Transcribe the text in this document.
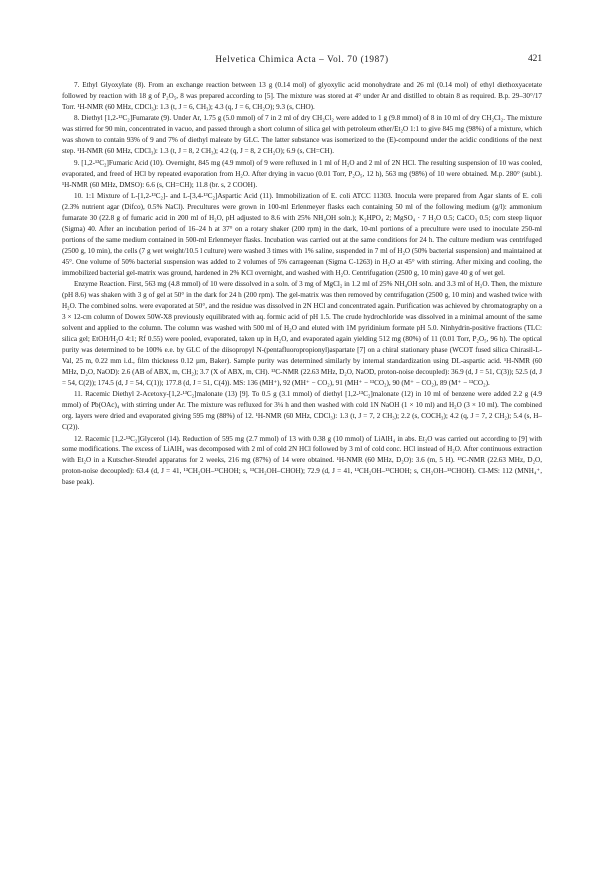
Helvetica Chimica Acta – Vol. 70 (1987)	421

7. Ethyl Glyoxylate (8). From an exchange reaction between 13 g (0.14 mol) of glyoxylic acid monohydrate and 26 ml (0.14 mol) of ethyl diethoxyacetate followed by reaction with 18 g of P₂O₅, 8 was prepared according to [5]. The mixture was stored at 4° under Ar and distilled to obtain 8 as required. B.p. 29–30°/17 Torr. ¹H-NMR (60 MHz, CDCl₃): 1.3 (t, J = 6, CH₃); 4.3 (q, J = 6, CH₂O); 9.3 (s, CHO).

8. Diethyl [1,2-¹³C₂]Fumarate (9). Under Ar, 1.75 g (5.0 mmol) of 7 in 2 ml of dry CH₂Cl₂ were added to 1 g (9.8 mmol) of 8 in 10 ml of dry CH₂Cl₂. The mixture was stirred for 90 min, concentrated in vacuo, and passed through a short column of silica gel with petroleum ether/Et₂O 1:1 to give 845 mg (98%) of a mixture, which was shown to contain 93% of 9 and 7% of diethyl maleate by GLC. The latter substance was isomerized to the (E)-compound under the acidic conditions of the next step. ¹H-NMR (60 MHz, CDCl₃): 1.3 (t, J = 8, 2 CH₃); 4.2 (q, J = 8, 2 CH₂O); 6.9 (s, CH=CH).

9. [1,2-¹³C₂]Fumaric Acid (10). Overnight, 845 mg (4.9 mmol) of 9 were refluxed in 1 ml of H₂O and 2 ml of 2N HCl. The resulting suspension of 10 was cooled, evaporated, and freed of HCl by repeated evaporation from H₂O. After drying in vacuo (0.01 Torr, P₂O₅, 12 h), 563 mg (98%) of 10 were obtained. M.p. 280° (subl.). ¹H-NMR (60 MHz, DMSO): 6.6 (s, CH=CH); 11.8 (br. s, 2 COOH).

10. 1:1 Mixture of L-[1,2-¹³C₂]- and L-[3,4-¹³C₂]Aspartic Acid (11). Immobilization of E. coli ATCC 11303. Inocula were prepared from Agar slants of E. coli (2.3% nutrient agar (Difco), 0.5% NaCl). Precultures were grown in 100-ml Erlenmeyer flasks each containing 50 ml of the following medium (g/l): ammonium fumarate 30 (22.8 g of fumaric acid in 200 ml of H₂O, pH adjusted to 8.6 with 25% NH₄OH soln.); K₂HPO₄ 2; MgSO₄ · 7 H₂O 0.5; CaCO₃ 0.5; corn steep liquor (Sigma) 40. After an incubation period of 16–24 h at 37° on a rotary shaker (200 rpm) in the dark, 10-ml portions of a preculture were used to inoculate 250-ml portions of the same medium contained in 500-ml Erlenmeyer flasks. Incubation was carried out at the same conditions for 24 h. The culture medium was centrifuged (2500 g, 10 min), the cells (7 g wet weight/10.5 l culture) were washed 3 times with 1% saline, suspended in 7 ml of H₂O (50% bacterial suspension) and maintained at 45°. One volume of 50% bacterial suspension was added to 2 volumes of 5% carrageenan (Sigma C-1263) in H₂O at 45° with stirring. After mixing and cooling, the immobilized bacterial gel-matrix was ground, hardened in 2% KCl overnight, and washed with H₂O. Centrifugation (2500 g, 10 min) gave 40 g of wet gel.

Enzyme Reaction. First, 563 mg (4.8 mmol) of 10 were dissolved in a soln. of 3 mg of MgCl₂ in 1.2 ml of 25% NH₄OH soln. and 3.3 ml of H₂O. Then, the mixture (pH 8.6) was shaken with 3 g of gel at 50° in the dark for 24 h (200 rpm). The gel-matrix was then removed by centrifugation (2500 g, 10 min) and washed twice with H₂O. The combined solns. were evaporated at 50°, and the residue was dissolved in 2N HCl and concentrated again. Purification was achieved by chromatography on a 3 × 12-cm column of Dowex 50W-X8 previously equilibrated with aq. formic acid of pH 1.5. The crude hydrochloride was dissolved in a minimal amount of the same solvent and applied to the column. The column was washed with 500 ml of H₂O and eluted with 1M pyridinium formate pH 5.0. Ninhydrin-positive fractions (TLC: silica gel; EtOH/H₂O 4:1; Rf 0.55) were pooled, evaporated, taken up in H₂O, and evaporated again yielding 512 mg (80%) of 11 (0.01 Torr, P₂O₅, 96 h). The optical purity was determined to be 100% e.e. by GLC of the diisopropyl N-(pentafluoropropionyl)aspartate [7] on a chiral stationary phase (WCOT fused silica Chirasil-L-Val, 25 m, 0.22 mm i.d., film thickness 0.12 µm, Baker). Sample purity was determined similarly by internal standardization using DL-aspartic acid. ¹H-NMR (60 MHz, D₂O, NaOD): 2.6 (AB of ABX, m, CH₂); 3.7 (X of ABX, m, CH). ¹³C-NMR (22.63 MHz, D₂O, NaOD, proton-noise decoupled): 36.9 (d, J = 51, C(3)); 52.5 (d, J = 54, C(2)); 174.5 (d, J = 54, C(1)); 177.8 (d, J = 51, C(4)). MS: 136 (MH⁺), 92 (MH⁺ − CO₂), 91 (MH⁺ − ¹³CO₂), 90 (M⁺ − CO₂), 89 (M⁺ − ¹³CO₂).

11. Racemic Diethyl 2-Acetoxy-[1,2-¹³C₂]malonate (13) [9]. To 0.5 g (3.1 mmol) of diethyl [1,2-¹³C₂]malonate (12) in 10 ml of benzene were added 2.2 g (4.9 mmol) of Pb(OAc)₄ with stirring under Ar. The mixture was refluxed for 3¼ h and then washed with cold 1N NaOH (1 × 10 ml) and H₂O (3 × 10 ml). The combined org. layers were dried and evaporated giving 595 mg (88%) of 12. ¹H-NMR (60 MHz, CDCl₃): 1.3 (t, J = 7, 2 CH₃); 2.2 (s, COCH₃); 4.2 (q, J = 7, 2 CH₂); 5.4 (s, H–C(2)).

12. Racemic [1,2-¹³C₂]Glycerol (14). Reduction of 595 mg (2.7 mmol) of 13 with 0.38 g (10 mmol) of LiAlH₄ in abs. Et₂O was carried out according to [9] with some modifications. The excess of LiAlH₄ was decomposed with 2 ml of cold 2N HCl followed by 3 ml of cold conc. HCl instead of H₂O. After continuous extraction with Et₂O in a Kutscher-Steudel apparatus for 2 weeks, 216 mg (87%) of 14 were obtained. ¹H-NMR (60 MHz, D₂O): 3.6 (m, 5 H). ¹³C-NMR (22.63 MHz, D₂O, proton-noise decoupled): 63.4 (d, J = 41, ¹³CH₂OH–¹³CHOH; s, ¹³CH₂OH–CHOH); 72.9 (d, J = 41, ¹³CH₂OH–¹³CHOH; s, CH₂OH–¹³CHOH). CI-MS: 112 (MNH₄⁺, base peak).
